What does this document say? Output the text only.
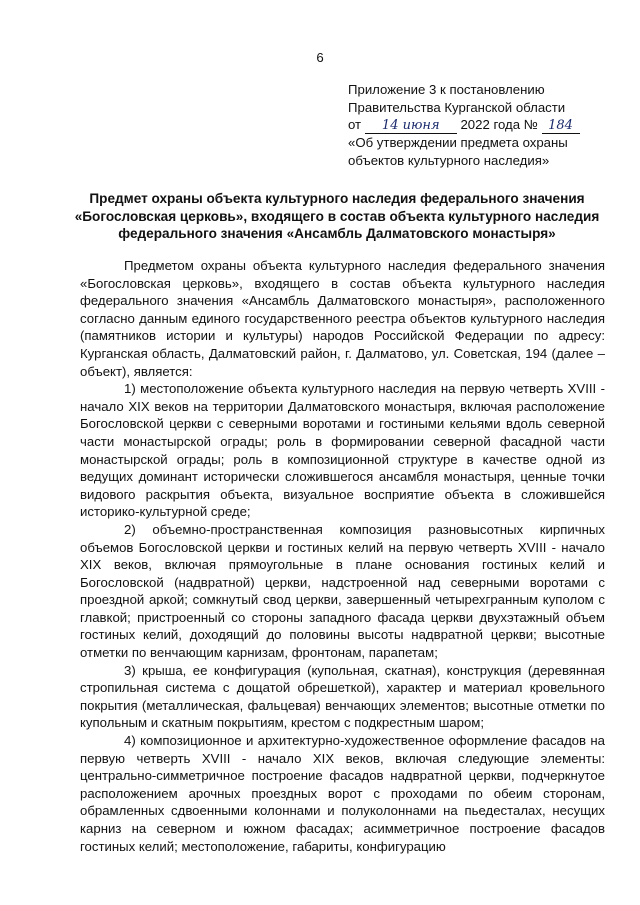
6
Приложение 3 к постановлению
Правительства Курганской области
от 14 июня 2022 года № 184
«Об утверждении предмета охраны
объектов культурного наследия»
Предмет охраны объекта культурного наследия федерального значения «Богословская церковь», входящего в состав объекта культурного наследия федерального значения «Ансамбль Далматовского монастыря»

Предметом охраны объекта культурного наследия федерального значения «Богословская церковь», входящего в состав объекта культурного наследия федерального значения «Ансамбль Далматовского монастыря», расположенного согласно данным единого государственного реестра объектов культурного наследия (памятников истории и культуры) народов Российской Федерации по адресу: Курганская область, Далматовский район, г. Далматово, ул. Советская, 194 (далее – объект), является:

1) местоположение объекта культурного наследия на первую четверть XVIII - начало XIX веков на территории Далматовского монастыря, включая расположение Богословской церкви с северными воротами и гостиными кельями вдоль северной части монастырской ограды; роль в формировании северной фасадной части монастырской ограды; роль в композиционной структуре в качестве одной из ведущих доминант исторически сложившегося ансамбля монастыря, ценные точки видового раскрытия объекта, визуальное восприятие объекта в сложившейся историко-культурной среде;

2) объемно-пространственная композиция разновысотных кирпичных объемов Богословской церкви и гостиных келий на первую четверть XVIII - начало XIX веков, включая прямоугольные в плане основания гостиных келий и Богословской (надвратной) церкви, надстроенной над северными воротами с проездной аркой; сомкнутый свод церкви, завершенный четырехгранным куполом с главкой; пристроенный со стороны западного фасада церкви двухэтажный объем гостиных келий, доходящий до половины высоты надвратной церкви; высотные отметки по венчающим карнизам, фронтонам, парапетам;

3) крыша, ее конфигурация (купольная, скатная), конструкция (деревянная стропильная система с дощатой обрешеткой), характер и материал кровельного покрытия (металлическая, фальцевая) венчающих элементов; высотные отметки по купольным и скатным покрытиям, крестом с подкрестным шаром;

4) композиционное и архитектурно-художественное оформление фасадов на первую четверть XVIII - начало XIX веков, включая следующие элементы: центрально-симметричное построение фасадов надвратной церкви, подчеркнутое расположением арочных проездных ворот с проходами по обеим сторонам, обрамленных сдвоенными колоннами и полуколоннами на пьедесталах, несущих карниз на северном и южном фасадах; асимметричное построение фасадов гостиных келий; местоположение, габариты, конфигурацию
